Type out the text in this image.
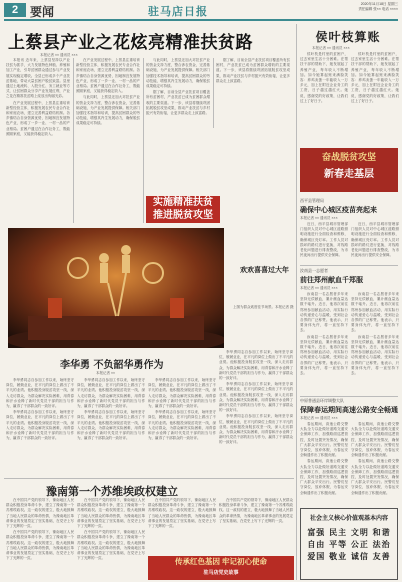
2 要闻	驻马店日报
2020年11月18日 星期三
责任编辑 张×× 电话 ××××
上蔡县产业之花炫亮精准扶贫路
本报记者 ×× 通讯员 ×××

本报讯 近年来，上蔡县坚持以产业扶贫为抓手，大力发展特色种植、养殖和加工产业，引导贫困群众通过参与产业发展实现稳定增收。全县已形成多个产业扶贫基地，带动大量贫困户脱贫致富。县里通过土地流转、入股分红、务工就业等方式，让贫困群众分享产业发展红利，产业之花在精准扶贫路上绽放出绚丽光彩。

在产业发展过程中，上蔡县注重培育新型经营主体，积极发展农民专业合作社和家庭农场，建立完善利益联结机制。各乡镇结合自身资源优势，因地制宜发展特色产业，形成了一乡一业、一村一品的产业格局。贫困户通过在合作社务工，既能照顾家庭，又能获得稳定收入。

在产业发展过程中，上蔡县注重培育新型经营主体，积极发展农民专业合作社和家庭农场，建立完善利益联结机制。各乡镇结合自身资源优势，因地制宜发展特色产业，形成了一乡一业、一村一品的产业格局。贫困户通过在合作社务工，既能照顾家庭，又能获得稳定收入。

与此同时，上蔡县还加大对扶贫产业的资金支持力度，整合涉农资金，完善基础设施，为产业发展提供保障。相关部门加强技术指导和培训，提高贫困群众的劳动技能，增强其内生发展动力，确保脱贫成果稳定可持续。

与此同时，上蔡县还加大对扶贫产业的资金支持力度，整合涉农资金，完善基础设施，为产业发展提供保障。相关部门加强技术指导和培训，提高贫困群众的劳动技能，增强其内生发展动力，确保脱贫成果稳定可持续。

据了解，目前全县产业扶贫项目覆盖所有贫困村，产业扶贫已成为贫困群众增收的主要渠道。下一步，该县将继续巩固拓展脱贫攻坚成果，推动产业扶贫与乡村振兴有效衔接，让更多群众走上致富路。

据了解，目前全县产业扶贫项目覆盖所有贫困村，产业扶贫已成为贫困群众增收的主要渠道。下一步，该县将继续巩固拓展脱贫攻坚成果，推动产业扶贫与乡村振兴有效衔接，让更多群众走上致富路。

实施精准扶贫
推进脱贫攻坚
欢欢喜喜过大年

上图为群众欢度佳节场景。本报记者 摄

侯叶枝算账
本报记者 ×× 通讯员 ×××

侯叶枝是村里的贫困户，过去家里生活十分困难。在帮扶干部的帮助下，她发展起了养殖产业，每年收入不断增加。如今她算起账来满脸笑容：养鸡卖蛋一年能收入一万多元，加上在附近企业务工的工资，日子越过越红火。她说，感谢党的好政策，让我们过上了好日子。

侯叶枝是村里的贫困户，过去家里生活十分困难。在帮扶干部的帮助下，她发展起了养殖产业，每年收入不断增加。如今她算起账来满脸笑容：养鸡卖蛋一年能收入一万多元，加上在附近企业务工的工资，日子越过越红火。她说，感谢党的好政策，让我们过上了好日子。

奋战脱贫攻坚
新春走基层
西平县管理局
确保中心城区疫苗亮起来
本报记者 ×× 通讯员 ×××

近日，西平县城市管理部门组织人员对中心城区道路照明设施进行全面检查和维修，确保城区亮灯率。工作人员对损坏的路灯进行更换，对线路老化问题进行排查整改，为市民夜间出行提供安全保障。

近日，西平县城市管理部门组织人员对中心城区道路照明设施进行全面检查和维修，确保城区亮灯率。工作人员对损坏的路灯进行更换，对线路老化问题进行排查整改，为市民夜间出行提供安全保障。

汝南县一志愿者
前往郑州献血千郑服
本报记者 ×× 通讯员 ×××

汝南县一名志愿者多年来坚持无偿献血，累计献血量达数千毫升。近日，他再次前往郑州参加献血活动，用实际行动传递爱心与温暖，受到社会各界的广泛称赞。他表示，只要身体允许，将一直坚持下去。

汝南县一名志愿者多年来坚持无偿献血，累计献血量达数千毫升。近日，他再次前往郑州参加献血活动，用实际行动传递爱心与温暖，受到社会各界的广泛称赞。他表示，只要身体允许，将一直坚持下去。

汝南县一名志愿者多年来坚持无偿献血，累计献血量达数千毫升。近日，他再次前往郑州参加献血活动，用实际行动传递爱心与温暖，受到社会各界的广泛称赞。他表示，只要身体允许，将一直坚持下去。

汝南县一名志愿者多年来坚持无偿献血，累计献血量达数千毫升。近日，他再次前往郑州参加献血活动，用实际行动传递爱心与温暖，受到社会各界的广泛称赞。他表示，只要身体允许，将一直坚持下去。

中原普通县环岸调整大队
保障春运期间高速公路安全畅通
本报记者 ×× 通讯员 ×××

春运期间，高速公路交警大队全力以赴做好道路交通安全保障工作，加强路面巡逻管控，及时处置突发情况，确保广大群众平安出行。民警们坚守岗位，放弃休假，为春运安全畅通作出了积极贡献。

春运期间，高速公路交警大队全力以赴做好道路交通安全保障工作，加强路面巡逻管控，及时处置突发情况，确保广大群众平安出行。民警们坚守岗位，放弃休假，为春运安全畅通作出了积极贡献。

春运期间，高速公路交警大队全力以赴做好道路交通安全保障工作，加强路面巡逻管控，及时处置突发情况，确保广大群众平安出行。民警们坚守岗位，放弃休假，为春运安全畅通作出了积极贡献。

春运期间，高速公路交警大队全力以赴做好道路交通安全保障工作，加强路面巡逻管控，及时处置突发情况，确保广大群众平安出行。民警们坚守岗位，放弃休假，为春运安全畅通作出了积极贡献。

社会主义核心价值观基本内容
富强 民主 文明 和谐
自由 平等 公正 法治
爱国 敬业 诚信 友善
李华勇 不负韶华勇作为
本报记者 ××

李华勇同志自参加工作以来，始终坚守岗位，兢兢业业，在平凡的岗位上做出了不平凡的业绩。他积极投身脱贫攻坚一线，深入走访群众，为群众解决实际困难，用青春和汗水诠释了新时代党员干部的担当与作为，赢得了干部群众的一致好评。

李华勇同志自参加工作以来，始终坚守岗位，兢兢业业，在平凡的岗位上做出了不平凡的业绩。他积极投身脱贫攻坚一线，深入走访群众，为群众解决实际困难，用青春和汗水诠释了新时代党员干部的担当与作为，赢得了干部群众的一致好评。

李华勇同志自参加工作以来，始终坚守岗位，兢兢业业，在平凡的岗位上做出了不平凡的业绩。他积极投身脱贫攻坚一线，深入走访群众，为群众解决实际困难，用青春和汗水诠释了新时代党员干部的担当与作为，赢得了干部群众的一致好评。

李华勇同志自参加工作以来，始终坚守岗位，兢兢业业，在平凡的岗位上做出了不平凡的业绩。他积极投身脱贫攻坚一线，深入走访群众，为群众解决实际困难，用青春和汗水诠释了新时代党员干部的担当与作为，赢得了干部群众的一致好评。

李华勇同志自参加工作以来，始终坚守岗位，兢兢业业，在平凡的岗位上做出了不平凡的业绩。他积极投身脱贫攻坚一线，深入走访群众，为群众解决实际困难，用青春和汗水诠释了新时代党员干部的担当与作为，赢得了干部群众的一致好评。

李华勇同志自参加工作以来，始终坚守岗位，兢兢业业，在平凡的岗位上做出了不平凡的业绩。他积极投身脱贫攻坚一线，深入走访群众，为群众解决实际困难，用青春和汗水诠释了新时代党员干部的担当与作为，赢得了干部群众的一致好评。

李华勇同志自参加工作以来，始终坚守岗位，兢兢业业，在平凡的岗位上做出了不平凡的业绩。他积极投身脱贫攻坚一线，深入走访群众，为群众解决实际困难，用青春和汗水诠释了新时代党员干部的担当与作为，赢得了干部群众的一致好评。

李华勇同志自参加工作以来，始终坚守岗位，兢兢业业，在平凡的岗位上做出了不平凡的业绩。他积极投身脱贫攻坚一线，深入走访群众，为群众解决实际困难，用青春和汗水诠释了新时代党员干部的担当与作为，赢得了干部群众的一致好评。

李华勇同志自参加工作以来，始终坚守岗位，兢兢业业，在平凡的岗位上做出了不平凡的业绩。他积极投身脱贫攻坚一线，深入走访群众，为群众解决实际困难，用青春和汗水诠释了新时代党员干部的担当与作为，赢得了干部群众的一致好评。

豫南第一个苏维埃政权建立

在中国共产党的领导下，豫南地区人民群众积极投身革命斗争，建立了豫南第一个苏维埃政权。这一政权的建立，极大地鼓舞了当地人民群众的革命热情，为豫南地区革命事业的发展奠定了坚实基础，在党史上写下了光辉的一页。

在中国共产党的领导下，豫南地区人民群众积极投身革命斗争，建立了豫南第一个苏维埃政权。这一政权的建立，极大地鼓舞了当地人民群众的革命热情，为豫南地区革命事业的发展奠定了坚实基础，在党史上写下了光辉的一页。

在中国共产党的领导下，豫南地区人民群众积极投身革命斗争，建立了豫南第一个苏维埃政权。这一政权的建立，极大地鼓舞了当地人民群众的革命热情，为豫南地区革命事业的发展奠定了坚实基础，在党史上写下了光辉的一页。

在中国共产党的领导下，豫南地区人民群众积极投身革命斗争，建立了豫南第一个苏维埃政权。这一政权的建立，极大地鼓舞了当地人民群众的革命热情，为豫南地区革命事业的发展奠定了坚实基础，在党史上写下了光辉的一页。

在中国共产党的领导下，豫南地区人民群众积极投身革命斗争，建立了豫南第一个苏维埃政权。这一政权的建立，极大地鼓舞了当地人民群众的革命热情，为豫南地区革命事业的发展奠定了坚实基础，在党史上写下了光辉的一页。

在中国共产党的领导下，豫南地区人民群众积极投身革命斗争，建立了豫南第一个苏维埃政权。这一政权的建立，极大地鼓舞了当地人民群众的革命热情，为豫南地区革命事业的发展奠定了坚实基础，在党史上写下了光辉的一页。

传承红色基因 牢记初心使命
驻马店党史故事
